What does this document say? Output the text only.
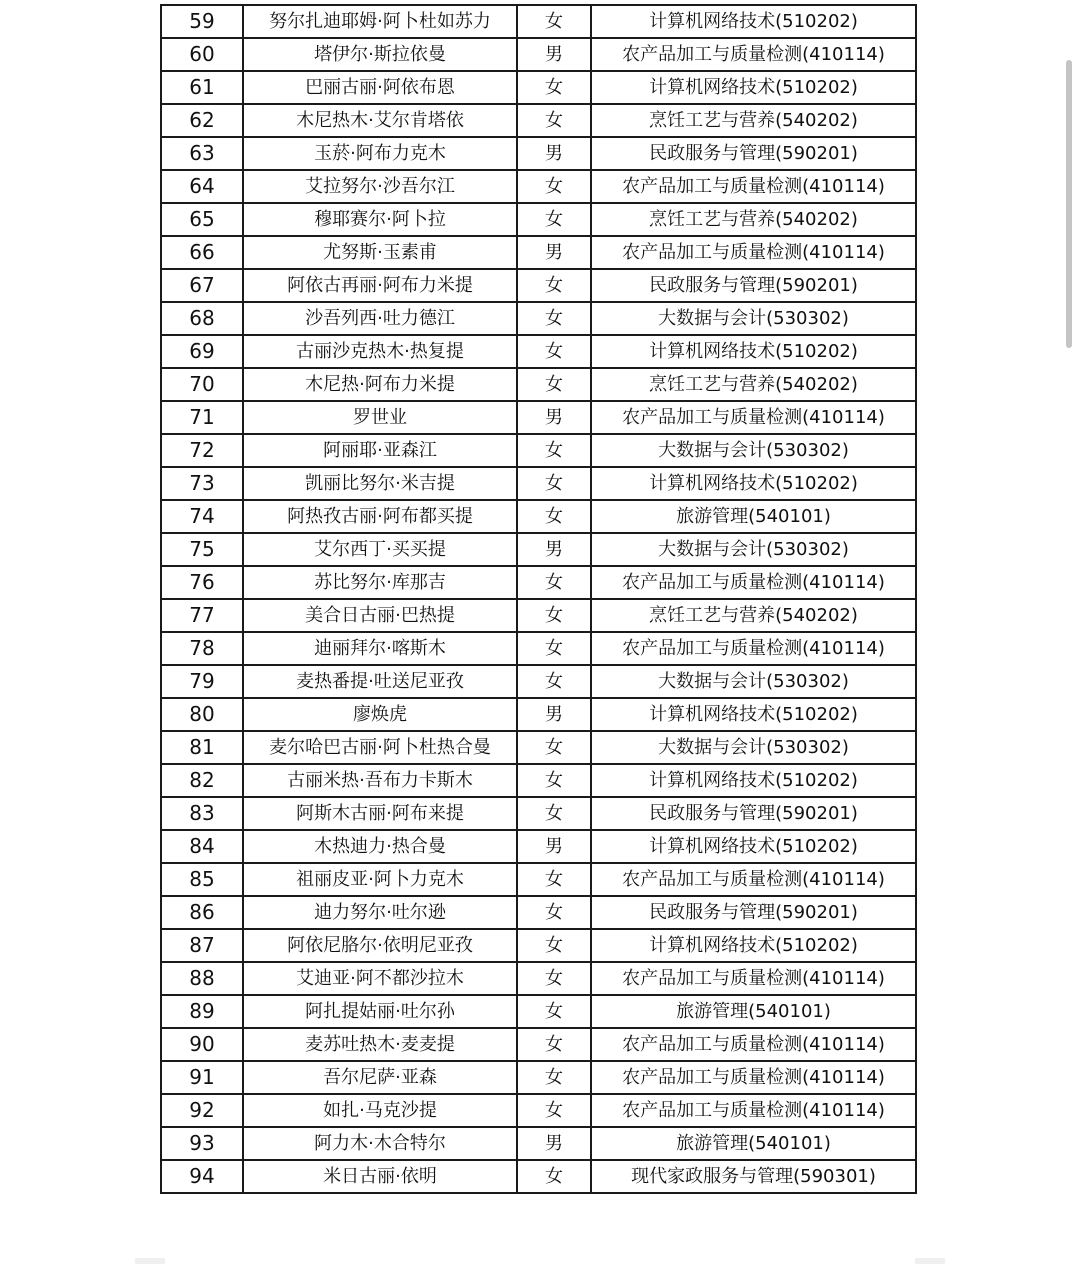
59	努尔扎迪耶姆·阿卜杜如苏力	女	计算机网络技术(510202)
60	塔伊尔·斯拉依曼	男	农产品加工与质量检测(410114)
61	巴丽古丽·阿依布恩	女	计算机网络技术(510202)
62	木尼热木·艾尔肯塔依	女	烹饪工艺与营养(540202)
63	玉菸·阿布力克木	男	民政服务与管理(590201)
64	艾拉努尔·沙吾尔江	女	农产品加工与质量检测(410114)
65	穆耶赛尔·阿卜拉	女	烹饪工艺与营养(540202)
66	尤努斯·玉素甫	男	农产品加工与质量检测(410114)
67	阿依古再丽·阿布力米提	女	民政服务与管理(590201)
68	沙吾列西·吐力德江	女	大数据与会计(530302)
69	古丽沙克热木·热复提	女	计算机网络技术(510202)
70	木尼热·阿布力米提	女	烹饪工艺与营养(540202)
71	罗世业	男	农产品加工与质量检测(410114)
72	阿丽耶·亚森江	女	大数据与会计(530302)
73	凯丽比努尔·米吉提	女	计算机网络技术(510202)
74	阿热孜古丽·阿布都买提	女	旅游管理(540101)
75	艾尔西丁·买买提	男	大数据与会计(530302)
76	苏比努尔·库那吉	女	农产品加工与质量检测(410114)
77	美合日古丽·巴热提	女	烹饪工艺与营养(540202)
78	迪丽拜尔·喀斯木	女	农产品加工与质量检测(410114)
79	麦热番提·吐送尼亚孜	女	大数据与会计(530302)
80	廖焕虎	男	计算机网络技术(510202)
81	麦尔哈巴古丽·阿卜杜热合曼	女	大数据与会计(530302)
82	古丽米热·吾布力卡斯木	女	计算机网络技术(510202)
83	阿斯木古丽·阿布来提	女	民政服务与管理(590201)
84	木热迪力·热合曼	男	计算机网络技术(510202)
85	祖丽皮亚·阿卜力克木	女	农产品加工与质量检测(410114)
86	迪力努尔·吐尔逊	女	民政服务与管理(590201)
87	阿依尼胳尔·依明尼亚孜	女	计算机网络技术(510202)
88	艾迪亚·阿不都沙拉木	女	农产品加工与质量检测(410114)
89	阿扎提姑丽·吐尔孙	女	旅游管理(540101)
90	麦苏吐热木·麦麦提	女	农产品加工与质量检测(410114)
91	吾尔尼萨·亚森	女	农产品加工与质量检测(410114)
92	如扎·马克沙提	女	农产品加工与质量检测(410114)
93	阿力木·木合特尔	男	旅游管理(540101)
94	米日古丽·依明	女	现代家政服务与管理(590301)
